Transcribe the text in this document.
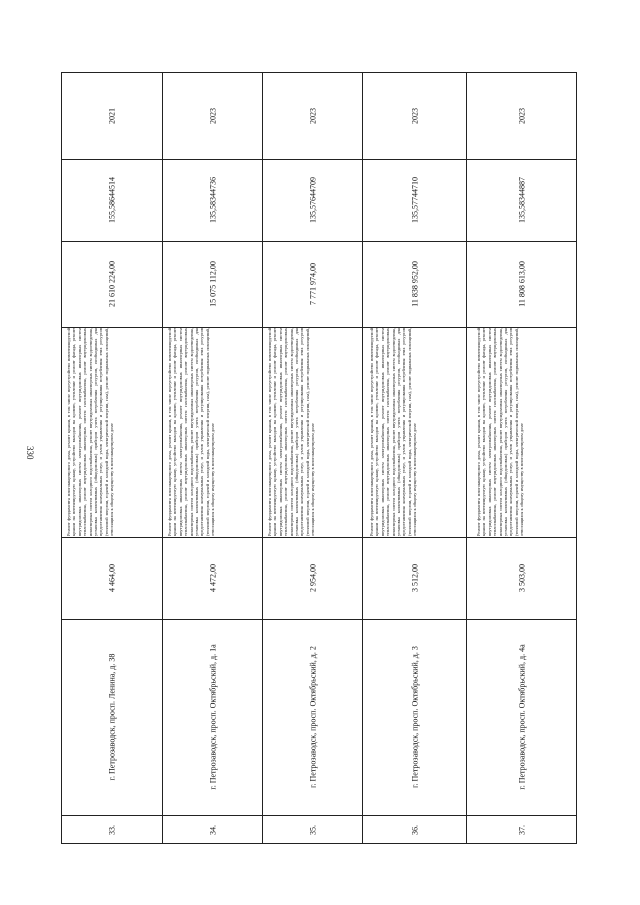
330
2021
155,58644514
21 610 224,00
Ремонт фундамента многоквартирного дома, ремонт крыши, в том числе переустройство невентилируемой крыши на вентилируемую крышу, устройство выходов на кровлю, утепление и ремонт фасада, ремонт внутридомовых инженерных систем электроснабжения, ремонт внутридомовых инженерных систем теплоснабжения, ремонт внутридомовых инженерных систем газоснабжения, ремонт внутридомовых инженерных систем холодного водоснабжения, ремонт внутридомовых инженерных систем водоотведения, установка коллективных (общедомовых) приборов учета потребления ресурсов, необходимых для предоставления коммунальных услуг, и узлов управления и регулирования потребления этих ресурсов (тепловой энергии, горячей и холодной воды, электрической энергии, газа), ремонт подвальных помещений, относящихся к общему имуществу в многоквартирном доме
4 464,00
г. Петрозаводск, просп. Ленина, д. 38
33.
2023
135,58344736
15 075 112,00
Ремонт фундамента многоквартирного дома, ремонт крыши, в том числе переустройство невентилируемой крыши на вентилируемую крышу, устройство выходов на кровлю, утепление и ремонт фасада, ремонт внутридомовых инженерных систем электроснабжения, ремонт внутридомовых инженерных систем теплоснабжения, ремонт внутридомовых инженерных систем газоснабжения, ремонт внутридомовых инженерных систем холодного водоснабжения, ремонт внутридомовых инженерных систем водоотведения, установка коллективных (общедомовых) приборов учета потребления ресурсов, необходимых для предоставления коммунальных услуг, и узлов управления и регулирования потребления этих ресурсов (тепловой энергии, горячей и холодной воды, электрической энергии, газа), ремонт подвальных помещений, относящихся к общему имуществу в многоквартирном доме
4 472,00
г. Петрозаводск, просп. Октябрьский, д. 1а
34.
2023
135,57644709
7 771 974,00
Ремонт фундамента многоквартирного дома, ремонт крыши, в том числе переустройство невентилируемой крыши на вентилируемую крышу, устройство выходов на кровлю, утепление и ремонт фасада, ремонт внутридомовых инженерных систем электроснабжения, ремонт внутридомовых инженерных систем теплоснабжения, ремонт внутридомовых инженерных систем газоснабжения, ремонт внутридомовых инженерных систем холодного водоснабжения, ремонт внутридомовых инженерных систем водоотведения, установка коллективных (общедомовых) приборов учета потребления ресурсов, необходимых для предоставления коммунальных услуг, и узлов управления и регулирования потребления этих ресурсов (тепловой энергии, горячей и холодной воды, электрической энергии, газа), ремонт подвальных помещений, относящихся к общему имуществу в многоквартирном доме
2 954,00
г. Петрозаводск, просп. Октябрьский, д. 2
35.
2023
135,57744710
11 838 952,00
Ремонт фундамента многоквартирного дома, ремонт крыши, в том числе переустройство невентилируемой крыши на вентилируемую крышу, устройство выходов на кровлю, утепление и ремонт фасада, ремонт внутридомовых инженерных систем электроснабжения, ремонт внутридомовых инженерных систем теплоснабжения, ремонт внутридомовых инженерных систем газоснабжения, ремонт внутридомовых инженерных систем холодного водоснабжения, ремонт внутридомовых инженерных систем водоотведения, установка коллективных (общедомовых) приборов учета потребления ресурсов, необходимых для предоставления коммунальных услуг, и узлов управления и регулирования потребления этих ресурсов (тепловой энергии, горячей и холодной воды, электрической энергии, газа), ремонт подвальных помещений, относящихся к общему имуществу в многоквартирном доме
3 512,00
г. Петрозаводск, просп. Октябрьский, д. 3
36.
2023
135,58344887
11 808 613,00
Ремонт фундамента многоквартирного дома, ремонт крыши, в том числе переустройство невентилируемой крыши на вентилируемую крышу, устройство выходов на кровлю, утепление и ремонт фасада, ремонт внутридомовых инженерных систем электроснабжения, ремонт внутридомовых инженерных систем теплоснабжения, ремонт внутридомовых инженерных систем газоснабжения, ремонт внутридомовых инженерных систем холодного водоснабжения, ремонт внутридомовых инженерных систем водоотведения, установка коллективных (общедомовых) приборов учета потребления ресурсов, необходимых для предоставления коммунальных услуг, и узлов управления и регулирования потребления этих ресурсов (тепловой энергии, горячей и холодной воды, электрической энергии, газа), ремонт подвальных помещений, относящихся к общему имуществу в многоквартирном доме
3 503,00
г. Петрозаводск, просп. Октябрьский, д. 4а
37.
